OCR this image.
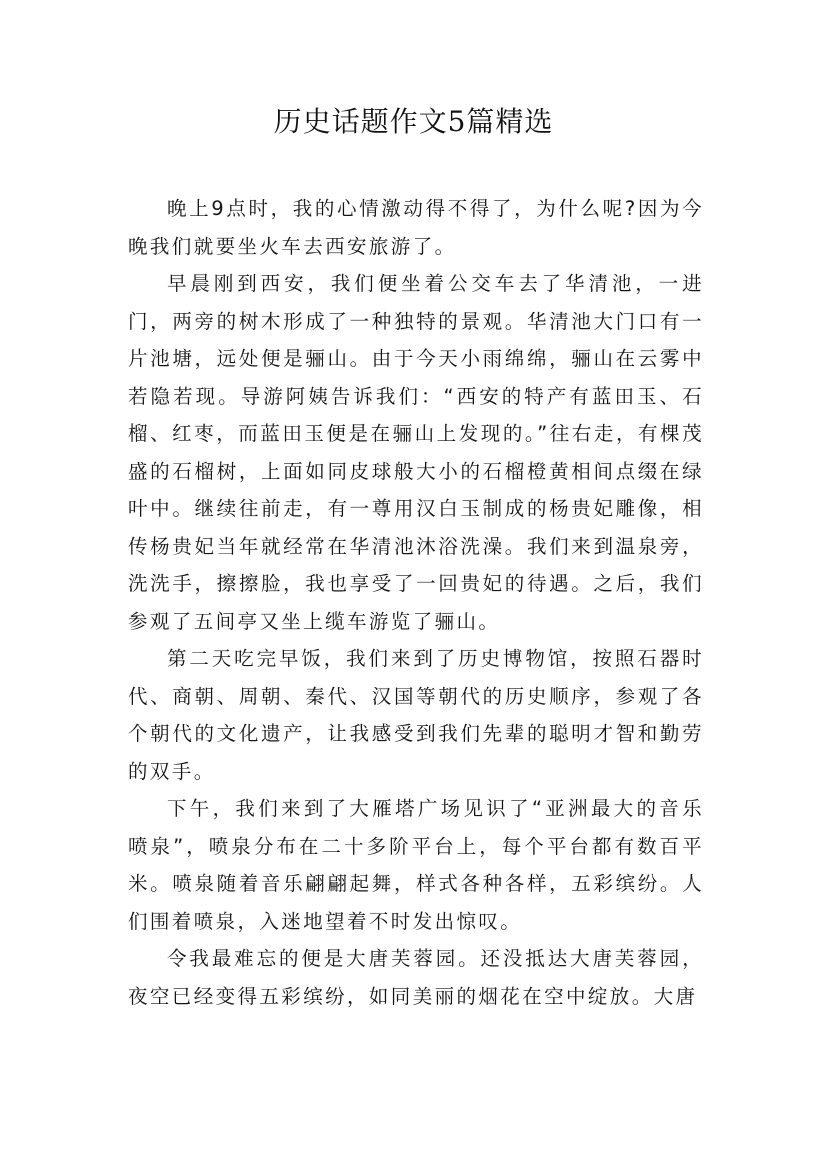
历史话题作文5篇精选

晚上9点时，我的心情激动得不得了，为什么呢?因为今晚我们就要坐火车去西安旅游了。

早晨刚到西安，我们便坐着公交车去了华清池，一进门，两旁的树木形成了一种独特的景观。华清池大门口有一片池塘，远处便是骊山。由于今天小雨绵绵，骊山在云雾中若隐若现。导游阿姨告诉我们：“西安的特产有蓝田玉、石榴、红枣，而蓝田玉便是在骊山上发现的。”往右走，有棵茂盛的石榴树，上面如同皮球般大小的石榴橙黄相间点缀在绿叶中。继续往前走，有一尊用汉白玉制成的杨贵妃雕像，相传杨贵妃当年就经常在华清池沐浴洗澡。我们来到温泉旁，洗洗手，擦擦脸，我也享受了一回贵妃的待遇。之后，我们参观了五间亭又坐上缆车游览了骊山。

第二天吃完早饭，我们来到了历史博物馆，按照石器时代、商朝、周朝、秦代、汉国等朝代的历史顺序，参观了各个朝代的文化遗产，让我感受到我们先辈的聪明才智和勤劳的双手。

下午，我们来到了大雁塔广场见识了“亚洲最大的音乐喷泉”，喷泉分布在二十多阶平台上，每个平台都有数百平米。喷泉随着音乐翩翩起舞，样式各种各样，五彩缤纷。人们围着喷泉，入迷地望着不时发出惊叹。

令我最难忘的便是大唐芙蓉园。还没抵达大唐芙蓉园，夜空已经变得五彩缤纷，如同美丽的烟花在空中绽放。大唐
